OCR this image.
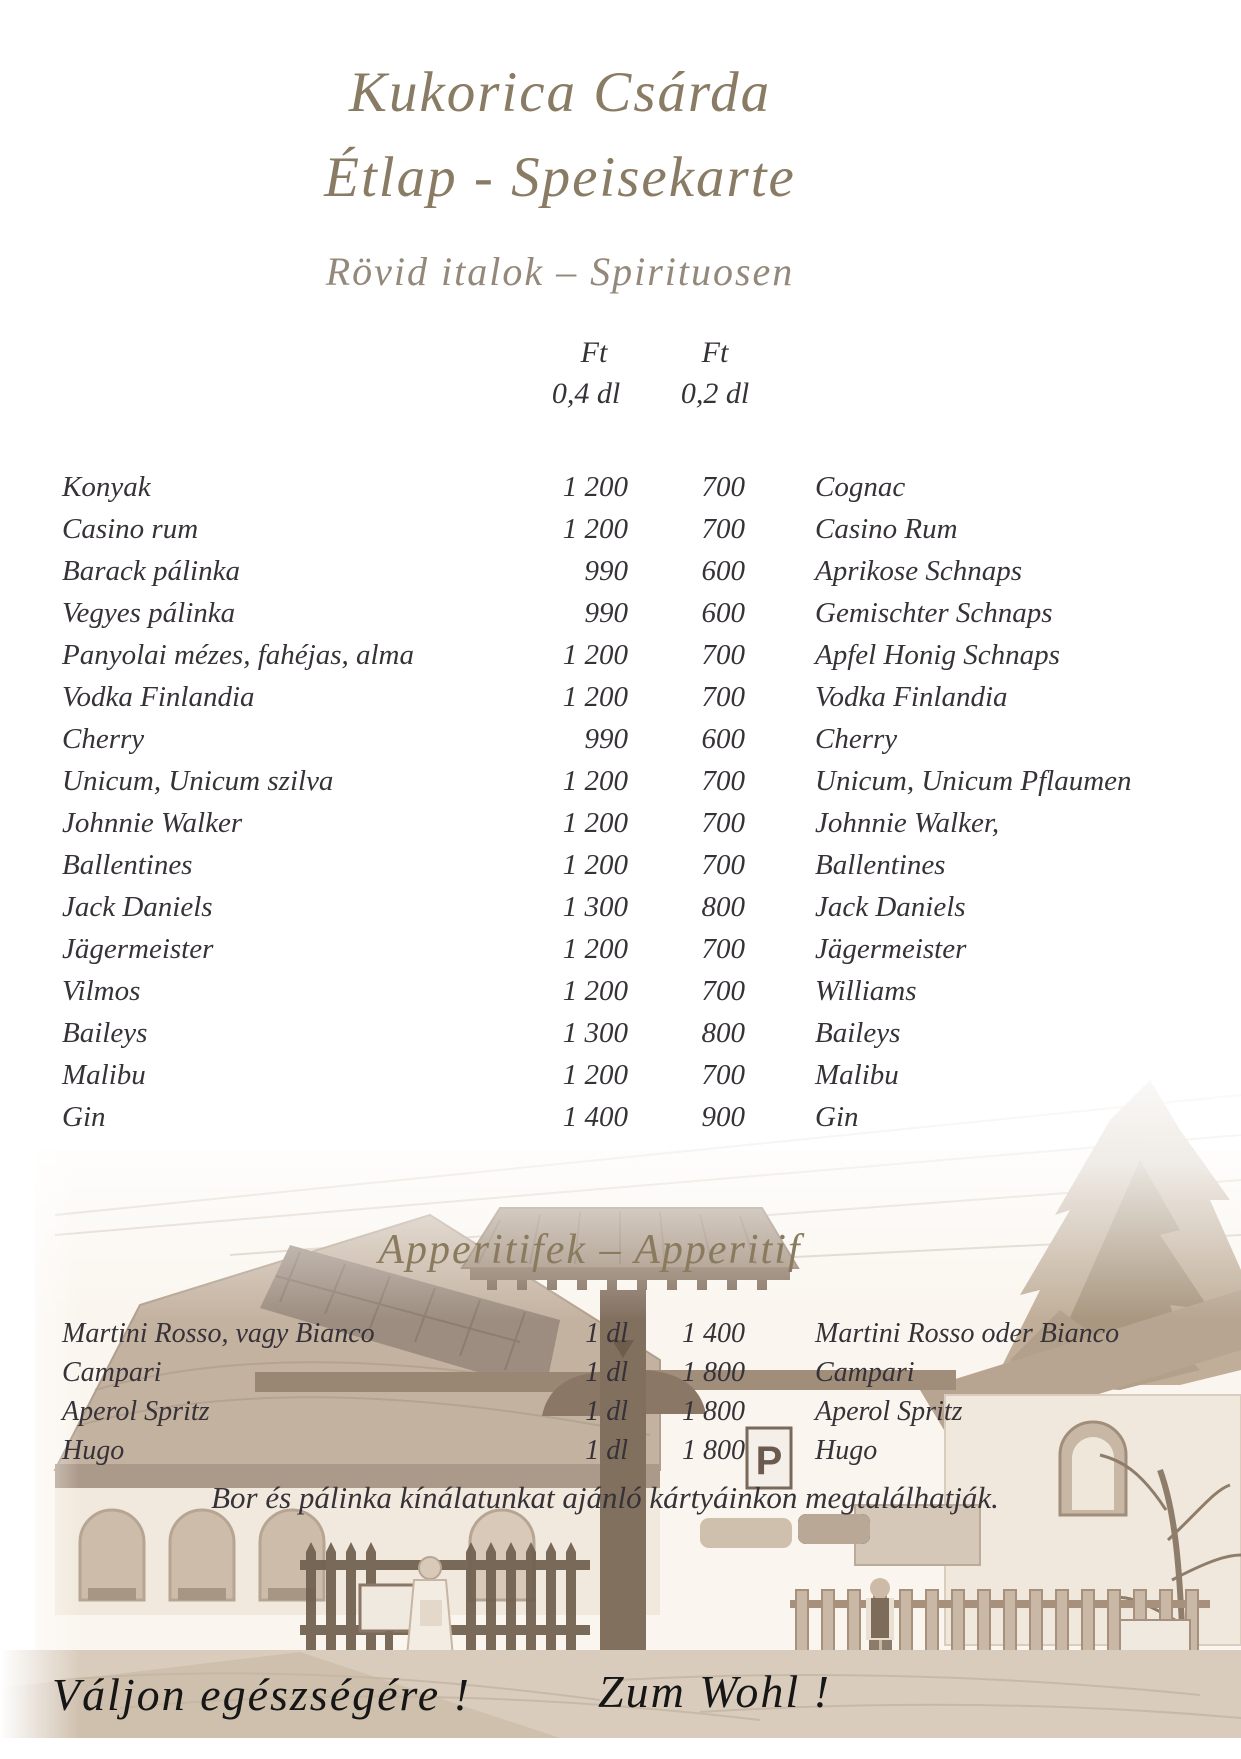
P
Kukorica Csárda
Étlap - Speisekarte
Rövid italok – Spirituosen
Ft	Ft
0,4 dl	0,2 dl
Konyak	1 200	700 Cognac
Casino rum	1 200	700 Casino Rum
Barack pálinka	990	600 Aprikose Schnaps
Vegyes pálinka	990	600 Gemischter Schnaps
Panyolai mézes, fahéjas, alma	1 200	700 Apfel Honig Schnaps
Vodka Finlandia	1 200	700 Vodka Finlandia
Cherry	990	600 Cherry
Unicum, Unicum szilva	1 200	700 Unicum, Unicum Pflaumen
Johnnie Walker	1 200	700 Johnnie Walker,
Ballentines	1 200	700 Ballentines
Jack Daniels	1 300	800 Jack Daniels
Jägermeister	1 200	700 Jägermeister
Vilmos	1 200	700 Williams
Baileys	1 300	800 Baileys
Malibu	1 200	700 Malibu
Gin	1 400	900 Gin
Apperitifek – Apperitif
Martini Rosso, vagy Bianco	1 dl	1 400	Martini Rosso oder Bianco
Campari	1 dl	1 800	Campari
Aperol Spritz	1 dl	1 800	Aperol Spritz
Hugo	1 dl	1 800	Hugo
Bor és pálinka kínálatunkat ajánló kártyáinkon megtalálhatják.
Váljon egészségére !	Zum Wohl !
